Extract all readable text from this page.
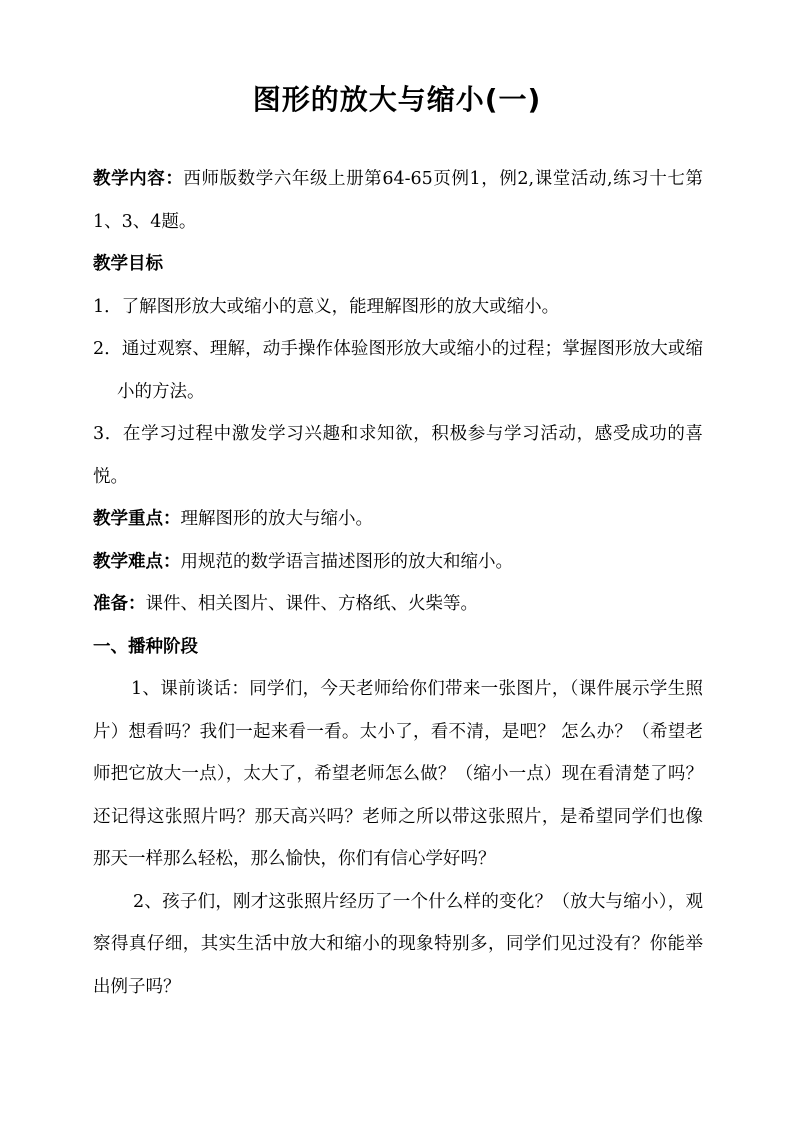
图形的放大与缩小(一)

教学内容：西师版数学六年级上册第64-65页例1，例2,课堂活动,练习十七第1、3、4题。

教学目标

1．了解图形放大或缩小的意义，能理解图形的放大或缩小。

2．通过观察、理解，动手操作体验图形放大或缩小的过程；掌握图形放大或缩小的方法。

3．在学习过程中激发学习兴趣和求知欲，积极参与学习活动，感受成功的喜悦。

教学重点：理解图形的放大与缩小。

教学难点：用规范的数学语言描述图形的放大和缩小。

准备：课件、相关图片、课件、方格纸、火柴等。

一、播种阶段

1、课前谈话：同学们，今天老师给你们带来一张图片，（课件展示学生照片）想看吗？我们一起来看一看。太小了，看不清，是吧？ 怎么办？（希望老师把它放大一点），太大了，希望老师怎么做？（缩小一点）现在看清楚了吗？还记得这张照片吗？那天高兴吗？老师之所以带这张照片，是希望同学们也像那天一样那么轻松，那么愉快，你们有信心学好吗？

2、孩子们，刚才这张照片经历了一个什么样的变化？（放大与缩小），观察得真仔细，其实生活中放大和缩小的现象特别多，同学们见过没有？你能举出例子吗？
